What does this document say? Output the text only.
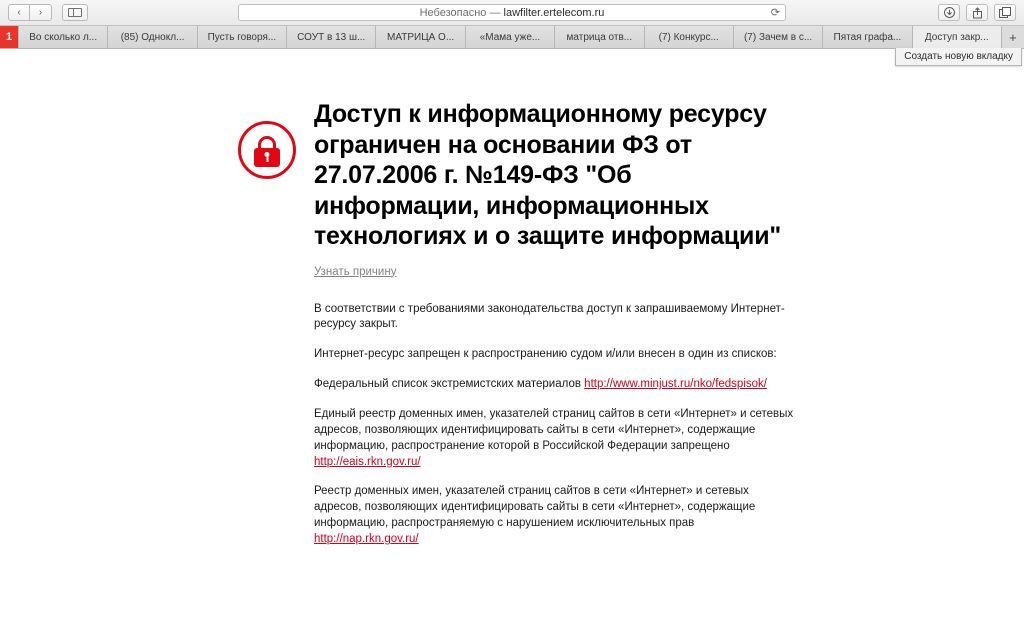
‹ ›	Небезопасно — lawfilter.ertelecom.ru	⟳
1	Во сколько л...	(85) Однокл...	Пусть говоря...	СОУТ в 13 ш...	МАТРИЦА О...	«Мама уже...	матрица отв...	(7) Конкурс...	(7) Зачем в с...	Пятая графа...	Доступ закр...	+
Создать новую вкладку
Доступ к информационному ресурсу ограничен на основании ФЗ от 27.07.2006 г. №149-ФЗ "Об информации, информационных технологиях и о защите информации"
Узнать причину

В соответствии с требованиями законодательства доступ к запрашиваемому Интернет-ресурсу закрыт.

Интернет-ресурс запрещен к распространению судом и/или внесен в один из списков:

Федеральный список экстремистских материалов http://www.minjust.ru/nko/fedspisok/

Единый реестр доменных имен, указателей страниц сайтов в сети «Интернет» и сетевых адресов, позволяющих идентифицировать сайты в сети «Интернет», содержащие информацию, распространение которой в Российской Федерации запрещено http://eais.rkn.gov.ru/

Реестр доменных имен, указателей страниц сайтов в сети «Интернет» и сетевых адресов, позволяющих идентифицировать сайты в сети «Интернет», содержащие информацию, распространяемую с нарушением исключительных прав http://nap.rkn.gov.ru/
